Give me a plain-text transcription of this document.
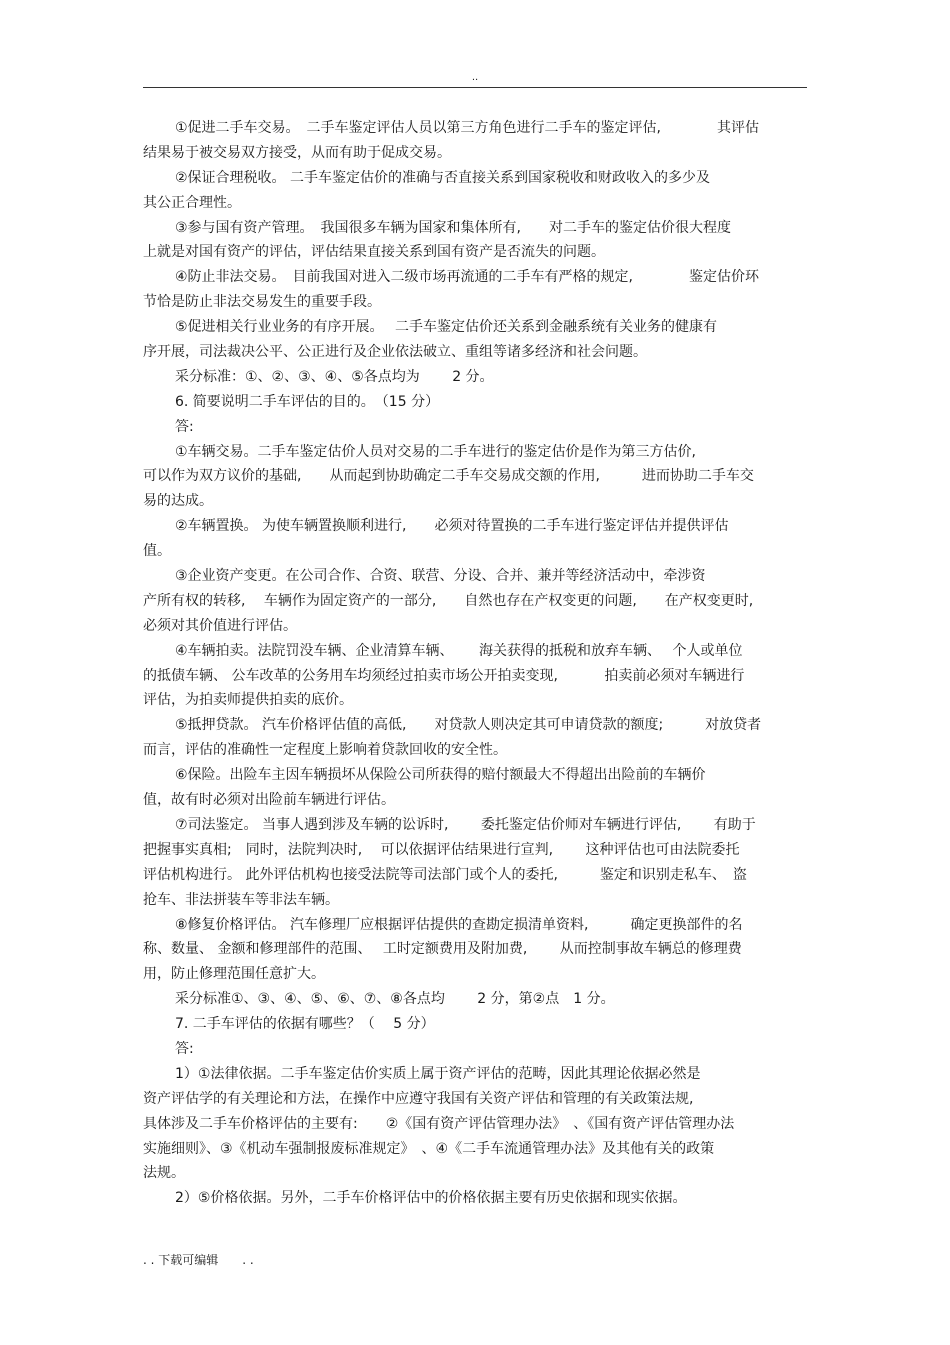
..
①促进二手车交易。　二手车鉴定评估人员以第三方角色进行二手车的鉴定评估,　　　　其评估
结果易于被交易双方接受，从而有助于促成交易。
②保证合理税收。 二手车鉴定估价的准确与否直接关系到国家税收和财政收入的多少及
其公正合理性。
③参与国有资产管理。　我国很多车辆为国家和集体所有,　　对二手车的鉴定估价很大程度
上就是对国有资产的评估，评估结果直接关系到国有资产是否流失的问题。
④防止非法交易。　目前我国对进入二级市场再流通的二手车有严格的规定,　　　　鉴定估价环
节恰是防止非法交易发生的重要手段。
⑤促进相关行业业务的有序开展。　 二手车鉴定估价还关系到金融系统有关业务的健康有
序开展，司法裁决公平、公正进行及企业依法破立、重组等诸多经济和社会问题。
采分标准：①、②、③、④、⑤各点均为　　 2 分。
6. 简要说明二手车评估的目的。　（15 分）
答:
①车辆交易。二手车鉴定估价人员对交易的二手车进行的鉴定估价是作为第三方估价,
可以作为双方议价的基础,　　从而起到协助确定二手车交易成交额的作用,　　　进而协助二手车交
易的达成。
②车辆置换。 为使车辆置换顺利进行,　　必须对待置换的二手车进行鉴定评估并提供评估
值。
③企业资产变更。在公司合作、合资、联营、分设、合并、兼并等经济活动中，牵涉资
产所有权的转移,　 车辆作为固定资产的一部分,　　自然也存在产权变更的问题,　　在产权变更时,
必须对其价值进行评估。
④车辆拍卖。法院罚没车辆、企业清算车辆、　　 海关获得的抵税和放弃车辆、　 个人或单位
的抵债车辆、 公车改革的公务用车均须经过拍卖市场公开拍卖变现,　　　 拍卖前必须对车辆进行
评估，为拍卖师提供拍卖的底价。
⑤抵押贷款。 汽车价格评估值的高低,　　对贷款人则决定其可申请贷款的额度;　　　对放贷者
而言，评估的准确性一定程度上影响着贷款回收的安全性。
⑥保险。出险车主因车辆损坏从保险公司所获得的赔付额最大不得超出出险前的车辆价
值，故有时必须对出险前车辆进行评估。
⑦司法鉴定。 当事人遇到涉及车辆的讼诉时,　　 委托鉴定估价师对车辆进行评估,　　 有助于
把握事实真相;　同时，法院判决时,　 可以依据评估结果进行宣判,　　 这种评估也可由法院委托
评估机构进行。 此外评估机构也接受法院等司法部门或个人的委托,　　　鉴定和识别走私车、　盗
抢车、非法拼装车等非法车辆。
⑧修复价格评估。 汽车修理厂应根据评估提供的查勘定损清单资料,　　　确定更换部件的名
称、数量、 金额和修理部件的范围、　 工时定额费用及附加费,　　 从而控制事故车辆总的修理费
用，防止修理范围任意扩大。
采分标准①、③、④、⑤、⑥、⑦、⑧各点均　　 2 分，第②点　1 分。
7. 二手车评估的依据有哪些？（　 5 分）
答:
1）①法律依据。二手车鉴定估价实质上属于资产评估的范畴，因此其理论依据必然是
资产评估学的有关理论和方法，在操作中应遵守我国有关资产评估和管理的有关政策法规,
具体涉及二手车价格评估的主要有:　　②《国有资产评估管理办法》　、《国有资产评估管理办法
实施细则》、③《机动车强制报废标准规定》　、④《二手车流通管理办法》及其他有关的政策
法规。
2）⑤价格依据。另外，二手车价格评估中的价格依据主要有历史依据和现实依据。
. . 下载可编辑　　. .
